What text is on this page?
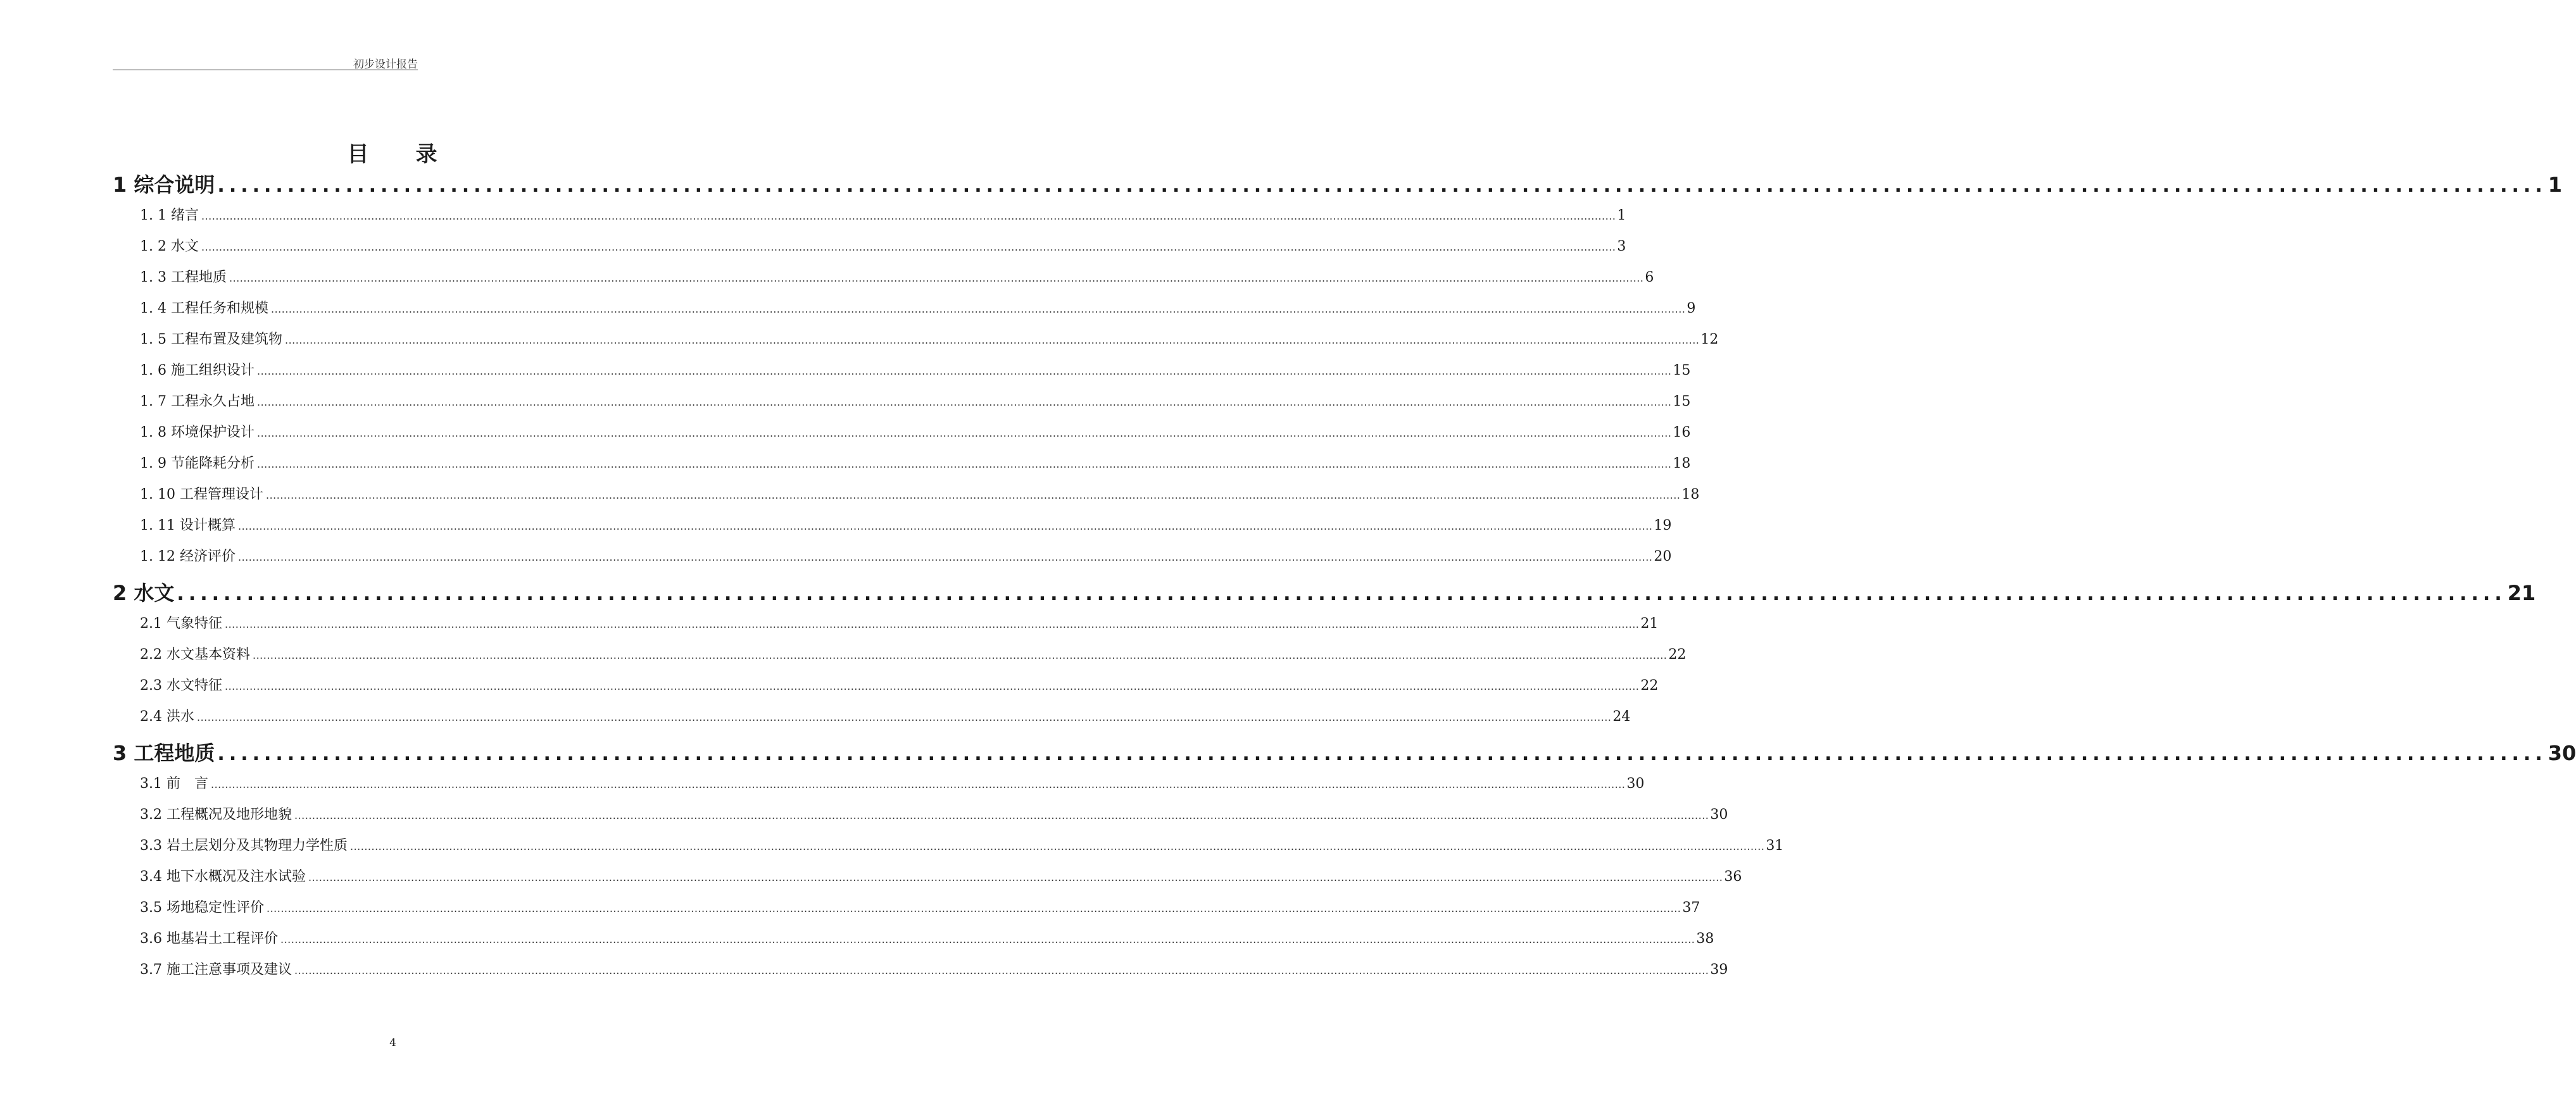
初步设计报告
目　　录
1 综合说明 ........................................................................................................................................................................................................ 1
1. 1 绪言 ................................................................................................................................................................................................................................................................................................................................................................................................................ 1
1. 2 水文 ................................................................................................................................................................................................................................................................................................................................................................................................................ 3
1. 3 工程地质 ................................................................................................................................................................................................................................................................................................................................................................................................................ 6
1. 4 工程任务和规模 ................................................................................................................................................................................................................................................................................................................................................................................................................ 9
1. 5 工程布置及建筑物 ................................................................................................................................................................................................................................................................................................................................................................................................................ 12
1. 6 施工组织设计 ................................................................................................................................................................................................................................................................................................................................................................................................................ 15
1. 7 工程永久占地 ................................................................................................................................................................................................................................................................................................................................................................................................................ 15
1. 8 环境保护设计 ................................................................................................................................................................................................................................................................................................................................................................................................................ 16
1. 9 节能降耗分析 ................................................................................................................................................................................................................................................................................................................................................................................................................ 18
1. 10 工程管理设计 ................................................................................................................................................................................................................................................................................................................................................................................................................ 18
1. 11 设计概算 ................................................................................................................................................................................................................................................................................................................................................................................................................ 19
1. 12 经济评价 ................................................................................................................................................................................................................................................................................................................................................................................................................ 20
2 水文 ........................................................................................................................................................................................................ 21
2.1 气象特征 ................................................................................................................................................................................................................................................................................................................................................................................................................ 21
2.2 水文基本资料 ................................................................................................................................................................................................................................................................................................................................................................................................................ 22
2.3 水文特征 ................................................................................................................................................................................................................................................................................................................................................................................................................ 22
2.4 洪水 ................................................................................................................................................................................................................................................................................................................................................................................................................ 24
3 工程地质 ........................................................................................................................................................................................................ 30
3.1 前　言 ................................................................................................................................................................................................................................................................................................................................................................................................................ 30
3.2 工程概况及地形地貌 ................................................................................................................................................................................................................................................................................................................................................................................................................ 30
3.3 岩土层划分及其物理力学性质 ................................................................................................................................................................................................................................................................................................................................................................................................................ 31
3.4 地下水概况及注水试验 ................................................................................................................................................................................................................................................................................................................................................................................................................ 36
3.5 场地稳定性评价 ................................................................................................................................................................................................................................................................................................................................................................................................................ 37
3.6 地基岩土工程评价 ................................................................................................................................................................................................................................................................................................................................................................................................................ 38
3.7 施工注意事项及建议 ................................................................................................................................................................................................................................................................................................................................................................................................................ 39
4
